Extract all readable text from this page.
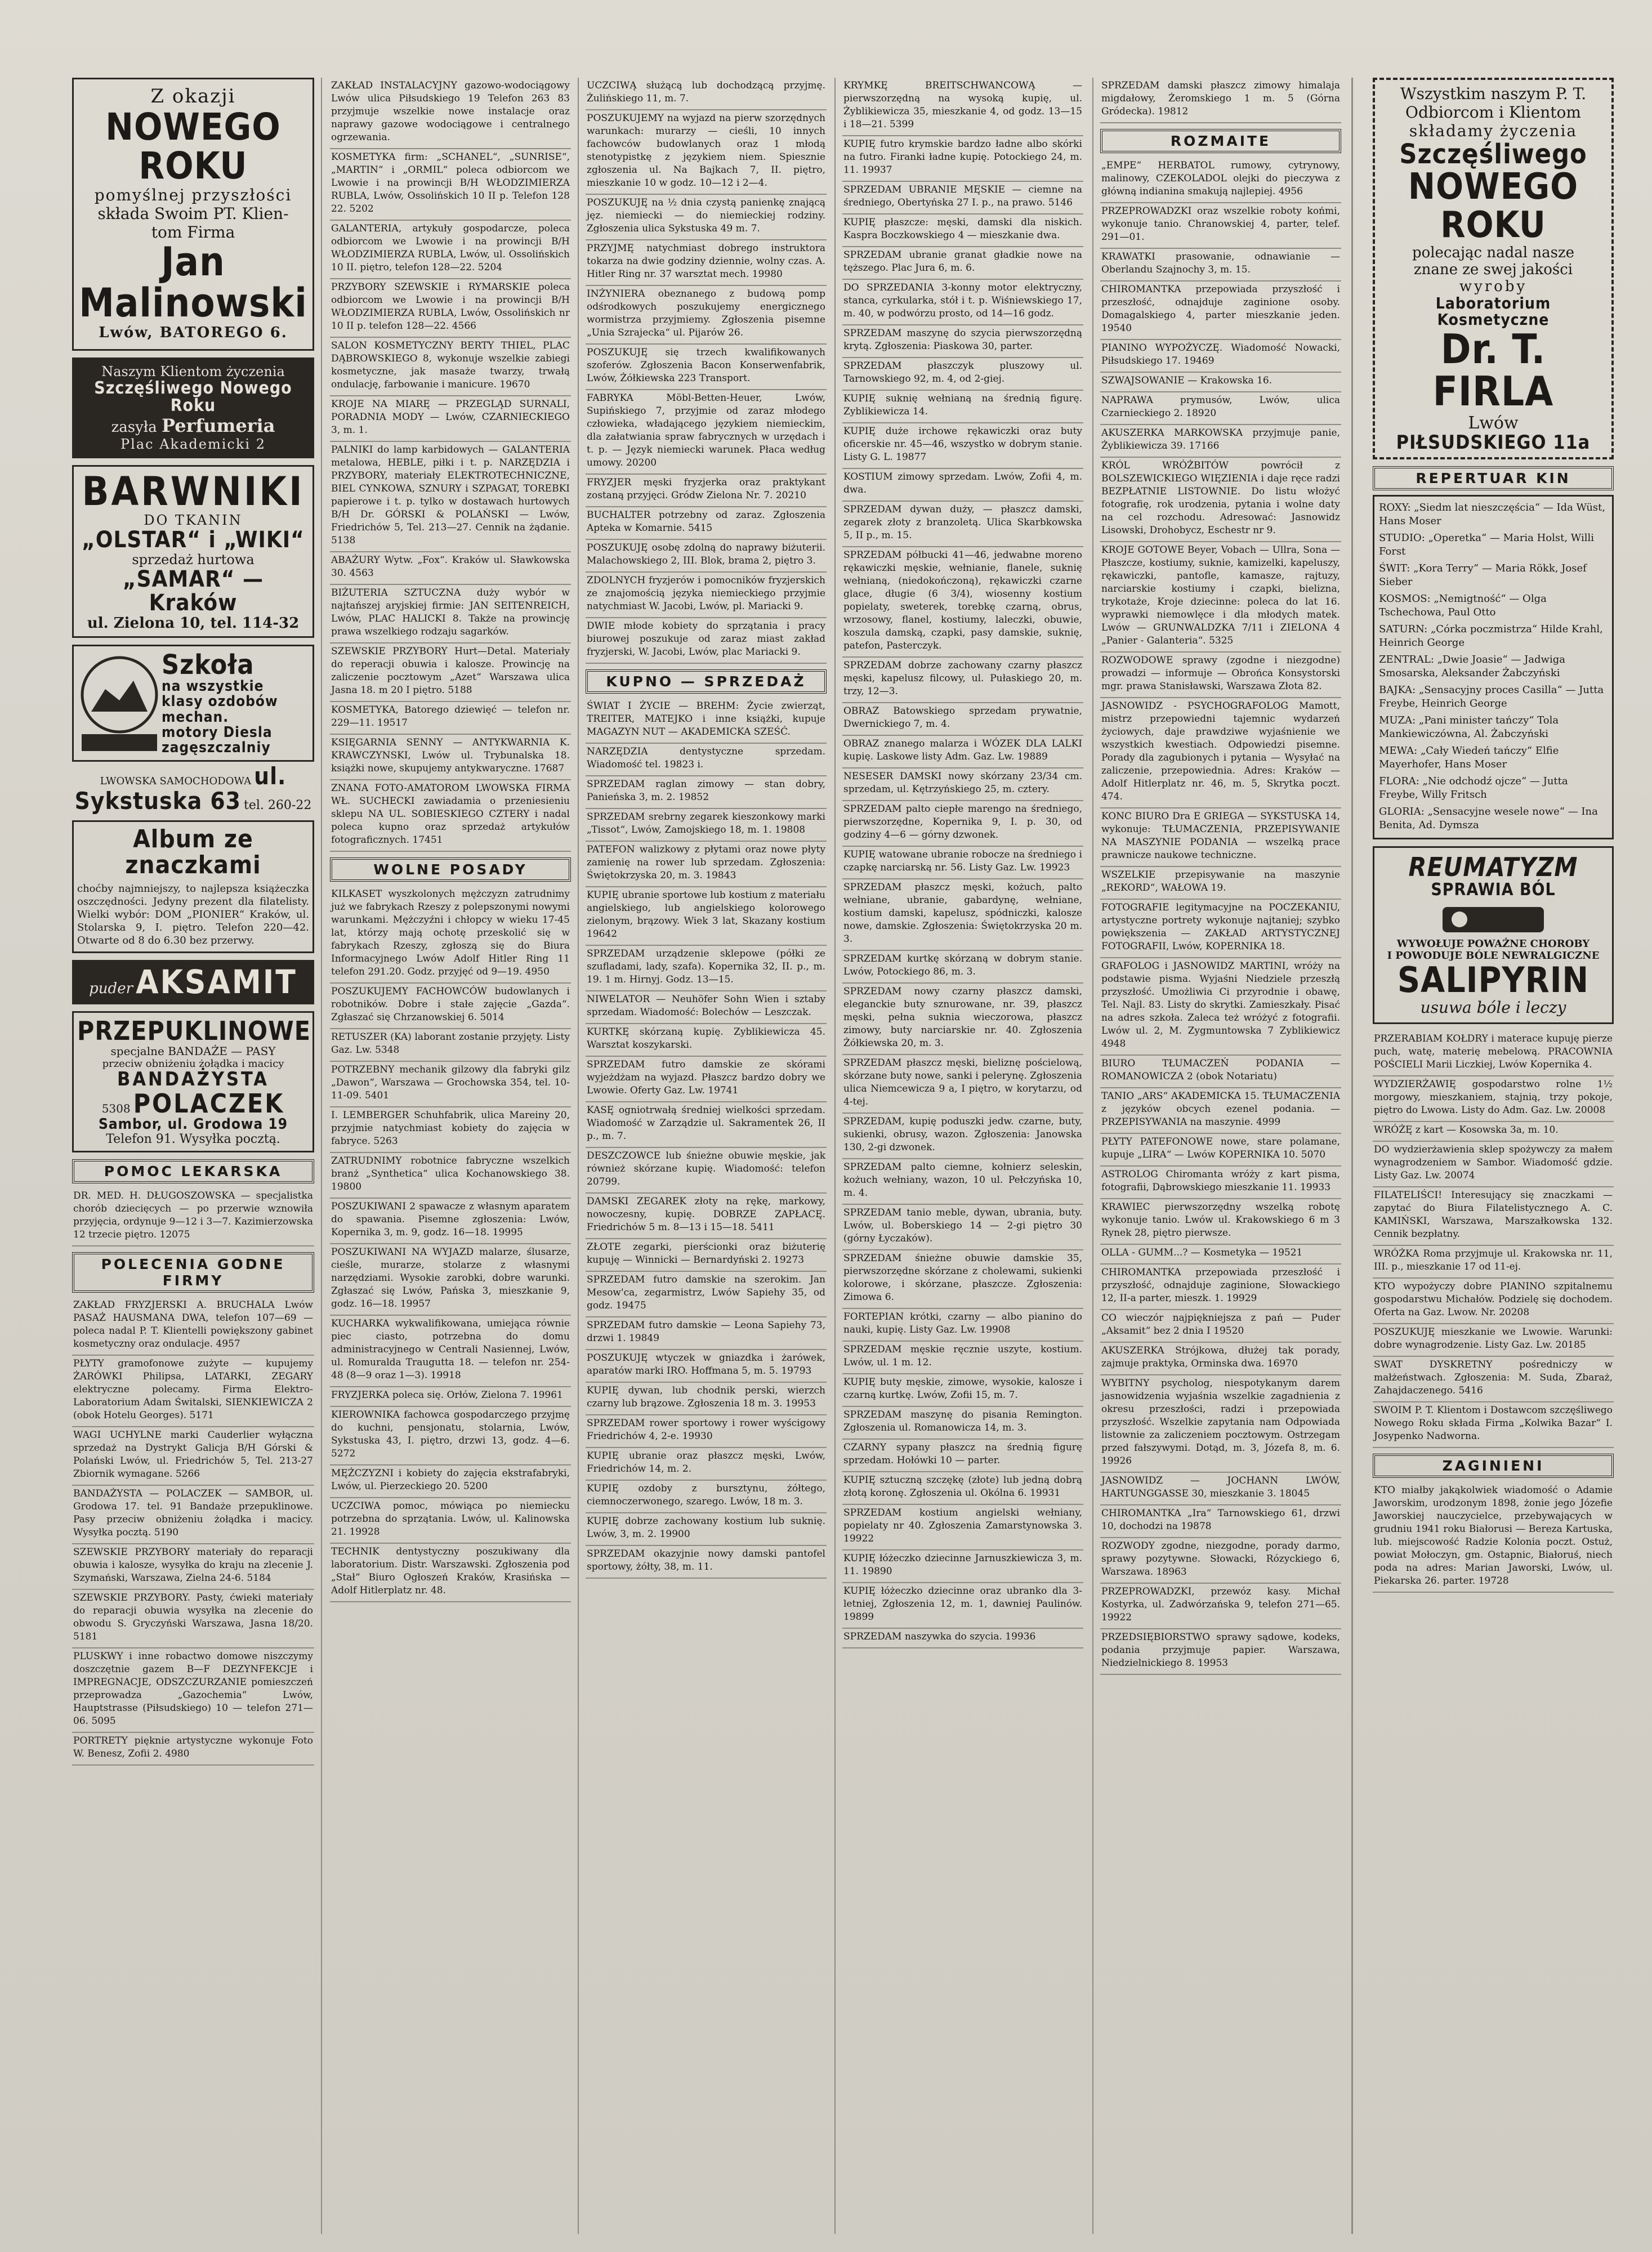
Z okazji
NOWEGO ROKU
pomyślnej przyszłości
składa Swoim PT. Klien-
tom Firma
Jan Malinowski
Lwów, BATOREGO 6.
Naszym Klientom życzenia
Szczęśliwego Nowego Roku
zasyła Perfumeria
Plac Akademicki 2
BARWNIKI
DO TKANIN
„OLSTAR“ i „WIKI“
sprzedaż hurtowa
„SAMAR“ — Kraków
ul. Zielona 10, tel. 114-32
Szkoła
na wszystkie
klasy ozdobów
mechan.
motory Diesla
zagęszczalniy
LWOWSKA SAMOCHODOWA ul. Sykstuska 63 tel. 260-22
Album ze znaczkami

choćby najmniejszy, to najlepsza książeczka oszczędności. Jedyny prezent dla filatelisty. Wielki wybór: DOM „PIONIER“ Kraków, ul. Stolarska 9, I. piętro. Telefon 220—42. Otwarte od 8 do 6.30 bez przerwy.

puder AKSAMIT
PRZEPUKLINOWE
specjalne BANDAŻE — PASY
przeciw obniżeniu żołądka i macicy
BANDAŻYSTA
5308 POLACZEK
Sambor, ul. Grodowa 19
Telefon 91. Wysyłka pocztą.
POMOC LEKARSKA

DR. MED. H. DŁUGOSZOWSKA — specjalistka chorób dziecięcych — po przerwie wznowiła przyjęcia, ordynuje 9—12 i 3—7. Kazimierzowska 12 trzecie piętro. 12075

POLECENIA GODNE FIRMY

ZAKŁAD FRYZJERSKI A. BRUCHALA Lwów PASAŻ HAUSMANA DWA, telefon 107—69 — poleca nadal P. T. Klientelli powiększony gabinet kosmetyczny oraz ondulacje. 4957

PŁYTY gramofonowe zużyte — kupujemy ŻARÓWKI Philipsa, LATARKI, ZEGARY elektryczne polecamy. Firma Elektro-Laboratorium Adam Świtalski, SIENKIEWICZA 2 (obok Hotelu Georges). 5171

WAGI UCHYLNE marki Cauderlier wyłączna sprzedaż na Dystrykt Galicja B/H Górski & Polański Lwów, ul. Friedrichów 5, Tel. 213-27 Zbiornik wymagane. 5266

BANDAŻYSTA — POLACZEK — SAMBOR, ul. Grodowa 17. tel. 91 Bandaże przepuklinowe. Pasy przeciw obniżeniu żołądka i macicy. Wysyłka pocztą. 5190

SZEWSKIE PRZYBORY materiały do reparacji obuwia i kalosze, wysyłka do kraju na zlecenie J. Szymański, Warszawa, Zielna 24-6. 5184

SZEWSKIE PRZYBORY. Pasty, ćwieki materiały do reparacji obuwia wysyłka na zlecenie do obwodu S. Gryczyński Warszawa, Jasna 18/20. 5181

PLUSKWY i inne robactwo domowe niszczymy doszczętnie gazem B—F DEZYNFEKCJE i IMPREGNACJE, ODSZCZURZANIE pomieszczeń przeprowadza „Gazochemia“ Lwów, Hauptstrasse (Piłsudskiego) 10 — telefon 271—06. 5095

PORTRETY pięknie artystyczne wykonuje Foto W. Benesz, Zofii 2. 4980

ZAKŁAD INSTALACYJNY gazowo-wodociągowy Lwów ulica Piłsudskiego 19 Telefon 263 83 przyjmuje wszelkie nowe instalacje oraz naprawy gazowe wodociągowe i centralnego ogrzewania.

KOSMETYKA firm: „SCHANEL“, „SUNRISE“, „MARTIN“ i „ORMIL“ poleca odbiorcom we Lwowie i na prowincji B/H WŁODZIMIERZA RUBLA, Lwów, Ossolińskich 10 II p. Telefon 128 22. 5202

GALANTERIA, artykuły gospodarcze, poleca odbiorcom we Lwowie i na prowincji B/H WŁODZIMIERZA RUBLA, Lwów, ul. Ossolińskich 10 II. piętro, telefon 128—22. 5204

PRZYBORY SZEWSKIE i RYMARSKIE poleca odbiorcom we Lwowie i na prowincji B/H WŁODZIMIERZA RUBLA, Lwów, Ossolińskich nr 10 II p. telefon 128—22. 4566

SALON KOSMETYCZNY BERTY THIEL, PLAC DĄBROWSKIEGO 8, wykonuje wszelkie zabiegi kosmetyczne, jak masaże twarzy, trwałą ondulację, farbowanie i manicure. 19670

KROJE NA MIARĘ — PRZEGLĄD SURNALI, PORADNIA MODY — Lwów, CZARNIECKIEGO 3, m. 1.

PALNIKI do lamp karbidowych — GALANTERIA metalowa, HEBLE, piłki i t. p. NARZĘDZIA i PRZYBORY, materiały ELEKTROTECHNICZNE, BIEL CYNKOWA, SZNURY i SZPAGAT, TOREBKI papierowe i t. p. tylko w dostawach hurtowych B/H Dr. GÓRSKI & POLAŃSKI — Lwów, Friedrichów 5, Tel. 213—27. Cennik na żądanie. 5138

ABAŻURY Wytw. „Fox“. Kraków ul. Sławkowska 30. 4563

BIŻUTERIA SZTUCZNA duży wybór w najtańszej aryjskiej firmie: JAN SEITENREICH, Lwów, PLAC HALICKI 8. Także na prowincję prawa wszelkiego rodzaju sagarków.

SZEWSKIE PRZYBORY Hurt—Detal. Materiały do reperacji obuwia i kalosze. Prowincję na zaliczenie pocztowym „Azet“ Warszawa ulica Jasna 18. m 20 I piętro. 5188

KOSMETYKA, Batorego dziewięć — telefon nr. 229—11. 19517

KSIĘGARNIA SENNY — ANTYKWARNIA K. KRAWCZYNSKI, Lwów ul. Trybunalska 18. książki nowe, skupujemy antykwaryczne. 17687

ZNANA FOTO-AMATOROM LWOWSKA FIRMA WŁ. SUCHECKI zawiadamia o przeniesieniu sklepu NA UL. SOBIESKIEGO CZTERY i nadal poleca kupno oraz sprzedaż artykułów fotograficznych. 17451

WOLNE POSADY

KILKASET wyszkolonych mężczyzn zatrudnimy już we fabrykach Rzeszy z polepszonymi nowymi warunkami. Mężczyźni i chłopcy w wieku 17-45 lat, którzy mają ochotę przeskolić się w fabrykach Rzeszy, zgłoszą się do Biura Informacyjnego Lwów Adolf Hitler Ring 11 telefon 291.20. Godz. przyjęć od 9—19. 4950

POSZUKUJEMY FACHOWCÓW budowlanych i robotników. Dobre i stałe zajęcie „Gazda“. Zgłaszać się Chrzanowskiej 6. 5014

RETUSZER (KA) laborant zostanie przyjęty. Listy Gaz. Lw. 5348

POTRZEBNY mechanik gilzowy dla fabryki gilz „Dawon“, Warszawa — Grochowska 354, tel. 10-11-09. 5401

I. LEMBERGER Schuhfabrik, ulica Mareiny 20, przyjmie natychmiast kobiety do zajęcia w fabryce. 5263

ZATRUDNIMY robotnice fabryczne wszelkich branż „Synthetica“ ulica Kochanowskiego 38. 19800

POSZUKIWANI 2 spawacze z własnym aparatem do spawania. Pisemne zgłoszenia: Lwów, Kopernika 3, m. 9, godz. 16—18. 19995

POSZUKIWANI NA WYJAZD malarze, ślusarze, cieśle, murarze, stolarze z własnymi narzędziami. Wysokie zarobki, dobre warunki. Zgłaszać się Lwów, Pańska 3, mieszkanie 9, godz. 16—18. 19957

KUCHARKA wykwalifikowana, umiejąca równie piec ciasto, potrzebna do domu administracyjnego w Centrali Nasiennej, Lwów, ul. Romuralda Traugutta 18. — telefon nr. 254-48 (8—9 oraz 1—3). 19918

FRYZJERKA poleca się. Orłów, Zielona 7. 19961

KIEROWNIKA fachowca gospodarczego przyjmę do kuchni, pensjonatu, stolarnia, Lwów, Sykstuska 43, I. piętro, drzwi 13, godz. 4—6. 5272

MĘŻCZYZNI i kobiety do zajęcia ekstrafabryki, Lwów, ul. Pierzeckiego 20. 5200

UCZCIWA pomoc, mówiąca po niemiecku potrzebna do sprzątania. Lwów, ul. Kalinowska 21. 19928

TECHNIK dentystyczny poszukiwany dla laboratorium. Distr. Warszawski. Zgłoszenia pod „Stał“ Biuro Ogłoszeń Kraków, Krasińska — Adolf Hitlerplatz nr. 48.

UCZCIWĄ służącą lub dochodzącą przyjmę. Żulińskiego 11, m. 7.

POSZUKUJEMY na wyjazd na pierw szorzędnych warunkach: murarzy — cieśli, 10 innych fachowców budowlanych oraz 1 młodą stenotypistkę z językiem niem. Spiesznie zgłoszenia ul. Na Bajkach 7, II. piętro, mieszkanie 10 w godz. 10—12 i 2—4.

POSZUKUJĘ na ½ dnia czystą panienkę znającą jęz. niemiecki — do niemieckiej rodziny. Zgłoszenia ulica Sykstuska 49 m. 7.

PRZYJMĘ natychmiast dobrego instruktora tokarza na dwie godziny dziennie, wolny czas. A. Hitler Ring nr. 37 warsztat mech. 19980

INŻYNIERA obeznanego z budową pomp odśrodkowych poszukujemy energicznego wormistrza przyjmiemy. Zgłoszenia pisemne „Unia Szrajecka“ ul. Pijarów 26.

POSZUKUJĘ się trzech kwalifikowanych szoferów. Zgłoszenia Bacon Konserwenfabrik, Lwów, Żółkiewska 223 Transport.

FABRYKA Möbl-Betten-Heuer, Lwów, Supińskiego 7, przyjmie od zaraz młodego człowieka, władającego językiem niemieckim, dla załatwiania spraw fabrycznych w urzędach i t. p. — Język niemiecki warunek. Płaca według umowy. 20200

FRYZJER męski fryzjerka oraz praktykant zostaną przyjęci. Gródw Zielona Nr. 7. 20210

BUCHALTER potrzebny od zaraz. Zgłoszenia Apteka w Komarnie. 5415

POSZUKUJĘ osobę zdolną do naprawy biżuterii. Malachowskiego 2, III. Blok, brama 2, piętro 3.

ZDOLNYCH fryzjerów i pomocników fryzjerskich ze znajomością języka niemieckiego przyjmie natychmiast W. Jacobi, Lwów, pl. Mariacki 9.

DWIE młode kobiety do sprzątania i pracy biurowej poszukuje od zaraz miast zakład fryzjerski, W. Jacobi, Lwów, plac Mariacki 9.

KUPNO — SPRZEDAŻ

ŚWIAT I ŻYCIE — BREHM: Życie zwierząt, TREITER, MATEJKO i inne książki, kupuje MAGAZYN NUT — AKADEMICKA SZEŚĆ.

NARZĘDZIA dentystyczne sprzedam. Wiadomość tel. 19823 i.

SPRZEDAM raglan zimowy — stan dobry, Panieńska 3, m. 2. 19852

SPRZEDAM srebrny zegarek kieszonkowy marki „Tissot“, Lwów, Zamojskiego 18, m. 1. 19808

PATEFON walizkowy z płytami oraz nowe płyty zamienię na rower lub sprzedam. Zgłoszenia: Świętokrzyska 20, m. 3. 19843

KUPIĘ ubranie sportowe lub kostium z materiału angielskiego, lub angielskiego kolorowego zielonym, brązowy. Wiek 3 lat, Skazany kostium 19642

SPRZEDAM urządzenie sklepowe (półki ze szufladami, lady, szafa). Kopernika 32, II. p., m. 19. 1 m. Hirnyj. Godz. 13—15.

NIWELATOR — Neuhöfer Sohn Wien i sztaby sprzedam. Wiadomość: Bolechów — Leszczak.

KURTKĘ skórzaną kupię. Zyblikiewicza 45. Warsztat koszykarski.

SPRZEDAM futro damskie ze skórami wyjeżdżam na wyjazd. Płaszcz bardzo dobry we Lwowie. Oferty Gaz. Lw. 19741

KASĘ ogniotrwałą średniej wielkości sprzedam. Wiadomość w Zarządzie ul. Sakramentek 26, II p., m. 7.

DESZCZOWCE lub śnieżne obuwie męskie, jak również skórzane kupię. Wiadomość: telefon 20799.

DAMSKI ZEGAREK złoty na rękę, markowy, nowoczesny, kupię. DOBRZE ZAPŁACĘ. Friedrichów 5 m. 8—13 i 15—18. 5411

ZŁOTE zegarki, pierścionki oraz biżuterię kupuję — Winnicki — Bernardyński 2. 19273

SPRZEDAM futro damskie na szerokim. Jan Mesow'ca, zegarmistrz, Lwów Sapiehy 35, od godz. 19475

SPRZEDAM futro damskie — Leona Sapiehy 73, drzwi 1. 19849

POSZUKUJĘ wtyczek w gniazdka i żarówek, aparatów marki IRO. Hoffmana 5, m. 5. 19793

KUPIĘ dywan, lub chodnik perski, wierzch czarny lub brązowe. Zgłoszenia 18 m. 3. 19953

SPRZEDAM rower sportowy i rower wyścigowy Friedrichów 4, 2-e. 19930

KUPIĘ ubranie oraz płaszcz męski, Lwów, Friedrichów 14, m. 2.

KUPIĘ ozdoby z bursztynu, żółtego, ciemnoczerwonego, szarego. Lwów, 18 m. 3.

KUPIĘ dobrze zachowany kostium lub suknię. Lwów, 3, m. 2. 19900

SPRZEDAM okazyjnie nowy damski pantofel sportowy, żółty, 38, m. 11.

KRYMKĘ BREITSCHWANCOWĄ — pierwszorzędną na wysoką kupię, ul. Żyblikiewicza 35, mieszkanie 4, od godz. 13—15 i 18—21. 5399

KUPIĘ futro krymskie bardzo ładne albo skórki na futro. Firanki ładne kupię. Potockiego 24, m. 11. 19937

SPRZEDAM UBRANIE MĘSKIE — ciemne na średniego, Obertyńska 27 I. p., na prawo. 5146

KUPIĘ płaszcze: męski, damski dla niskich. Kaspra Boczkowskiego 4 — mieszkanie dwa.

SPRZEDAM ubranie granat gładkie nowe na tęższego. Plac Jura 6, m. 6.

DO SPRZEDANIA 3-konny motor elektryczny, stanca, cyrkularka, stół i t. p. Wiśniewskiego 17, m. 40, w podwórzu prosto, od 14—16 godz.

SPRZEDAM maszynę do szycia pierwszorzędną krytą. Zgłoszenia: Piaskowa 30, parter.

SPRZEDAM płaszczyk pluszowy ul. Tarnowskiego 92, m. 4, od 2-giej.

KUPIĘ suknię wełnianą na średnią figurę. Zyblikiewicza 14.

KUPIĘ duże irchowe rękawiczki oraz buty oficerskie nr. 45—46, wszystko w dobrym stanie. Listy G. L. 19877

KOSTIUM zimowy sprzedam. Lwów, Zofii 4, m. dwa.

SPRZEDAM dywan duży, — płaszcz damski, zegarek złoty z branzoletą. Ulica Skarbkowska 5, II p., m. 15.

SPRZEDAM półbucki 41—46, jedwabne moreno rękawiczki męskie, wełnianie, flanele, suknię wełnianą, (niedokończoną), rękawiczki czarne glace, długie (6 3/4), wiosenny kostium popielaty, sweterek, torebkę czarną, obrus, wrzosowy, flanel, kostiumy, laleczki, obuwie, koszula damską, czapki, pasy damskie, suknię, patefon, Pasterczyk.

SPRZEDAM dobrze zachowany czarny płaszcz męski, kapelusz filcowy, ul. Pułaskiego 20, m. trzy, 12—3.

OBRAZ Batowskiego sprzedam prywatnie, Dwernickiego 7, m. 4.

OBRAZ znanego malarza i WÓZEK DLA LALKI kupię. Laskowe listy Adm. Gaz. Lw. 19889

NESESER DAMSKI nowy skórzany 23/34 cm. sprzedam, ul. Kętrzyńskiego 25, m. cztery.

SPRZEDAM palto ciepłe marengo na średniego, pierwszorzędne, Kopernika 9, I. p. 30, od godziny 4—6 — górny dzwonek.

KUPIĘ watowane ubranie robocze na średniego i czapkę narciarską nr. 56. Listy Gaz. Lw. 19923

SPRZEDAM płaszcz męski, kożuch, palto wełniane, ubranie, gabardynę, wełniane, kostium damski, kapelusz, spódniczki, kalosze nowe, damskie. Zgłoszenia: Świętokrzyska 20 m. 3.

SPRZEDAM kurtkę skórzaną w dobrym stanie. Lwów, Potockiego 86, m. 3.

SPRZEDAM nowy czarny płaszcz damski, eleganckie buty sznurowane, nr. 39, płaszcz męski, pełna suknia wieczorowa, płaszcz zimowy, buty narciarskie nr. 40. Zgłoszenia Żółkiewska 20, m. 3.

SPRZEDAM płaszcz męski, bieliznę pościelową, skórzane buty nowe, sanki i pelerynę. Zgłoszenia ulica Niemcewicza 9 a, I piętro, w korytarzu, od 4-tej.

SPRZEDAM, kupię poduszki jedw. czarne, buty, sukienki, obrusy, wazon. Zgłoszenia: Janowska 130, 2-gi dzwonek.

SPRZEDAM palto ciemne, kołnierz seleskin, kożuch wełniany, wazon, 10 ul. Pełczyńska 10, m. 4.

SPRZEDAM tanio meble, dywan, ubrania, buty. Lwów, ul. Boberskiego 14 — 2-gi piętro 30 (górny Łyczaków).

SPRZEDAM śnieżne obuwie damskie 35, pierwszorzędne skórzane z cholewami, sukienki kolorowe, i skórzane, płaszcze. Zgłoszenia: Zimowa 6.

FORTEPIAN krótki, czarny — albo pianino do nauki, kupię. Listy Gaz. Lw. 19908

SPRZEDAM męskie ręcznie uszyte, kostium. Lwów, ul. 1 m. 12.

KUPIĘ buty męskie, zimowe, wysokie, kalosze i czarną kurtkę. Lwów, Zofii 15, m. 7.

SPRZEDAM maszynę do pisania Remington. Zgłoszenia ul. Romanowicza 14, m. 3.

CZARNY sypany płaszcz na średnią figurę sprzedam. Hołówki 10 — parter.

KUPIĘ sztuczną szczękę (złote) lub jedną dobrą złotą koronę. Zgłoszenia ul. Okólna 6. 19931

SPRZEDAM kostium angielski wełniany, popielaty nr 40. Zgłoszenia Zamarstynowska 3. 19922

KUPIĘ łóżeczko dziecinne Jarnuszkiewicza 3, m. 11. 19890

KUPIĘ łóżeczko dziecinne oraz ubranko dla 3-letniej, Zgłoszenia 12, m. 1, dawniej Paulinów. 19899

SPRZEDAM naszywka do szycia. 19936

SPRZEDAM damski płaszcz zimowy himalaja migdałowy, Żeromskiego 1 m. 5 (Górna Gródecka). 19812

ROZMAITE

„EMPE“ HERBATOL rumowy, cytrynowy, malinowy, CZEKOLADOL olejki do pieczywa z główną indianina smakują najlepiej. 4956

PRZEPROWADZKI oraz wszelkie roboty końmi, wykonuje tanio. Chranowskiej 4, parter, telef. 291—01.

KRAWATKI prasowanie, odnawianie — Oberlandu Szajnochy 3, m. 15.

CHIROMANTKA przepowiada przyszłość i przeszłość, odnajduje zaginione osoby. Domagalskiego 4, parter mieszkanie jeden. 19540

PIANINO WYPOŻYCZĘ. Wiadomość Nowacki, Piłsudskiego 17. 19469

SZWAJSOWANIE — Krakowska 16.

NAPRAWA prymusów, Lwów, ulica Czarnieckiego 2. 18920

AKUSZERKA MARKOWSKA przyjmuje panie, Żyblikiewicza 39. 17166

KRÓL WRÓŻBITÓW powrócił z BOLSZEWICKIEGO WIĘZIENIA i daje ręce radzi BEZPŁATNIE LISTOWNIE. Do listu włożyć fotografię, rok urodzenia, pytania i wolne daty na cel rozchodu. Adresować: Jasnowidz Lisowski, Drohobycz, Eschestr nr 9.

KROJE GOTOWE Beyer, Vobach — Ullra, Sona — Płaszcze, kostiumy, suknie, kamizelki, kapeluszy, rękawiczki, pantofle, kamasze, rajtuzy, narciarskie kostiumy i czapki, bielizna, trykotaże, Kroje dziecinne: poleca do lat 16. wyprawki niemowlęce i dla młodych matek. Lwów — GRUNWALDZKA 7/11 i ZIELONA 4 „Panier - Galanteria“. 5325

ROZWODOWE sprawy (zgodne i niezgodne) prowadzi — informuje — Obrońca Konsystorski mgr. prawa Stanisławski, Warszawa Złota 82.

JASNOWIDZ - PSYCHOGRAFOLOG Mamott, mistrz przepowiedni tajemnic wydarzeń życiowych, daje prawdziwe wyjaśnienie we wszystkich kwestiach. Odpowiedzi pisemne. Porady dla zagubionych i pytania — Wysyłać na zaliczenie, przepowiednia. Adres: Kraków — Adolf Hitlerplatz nr. 46, m. 5, Skrytka poczt. 474.

KONC BIURO Dra E GRIEGA — SYKSTUSKA 14, wykonuje: TŁUMACZENIA, PRZEPISYWANIE NA MASZYNIE PODANIA — wszelką prace prawnicze naukowe techniczne.

WSZELKIE przepisywanie na maszynie „REKORD“, WAŁOWA 19.

FOTOGRAFIE legitymacyjne na POCZEKANIU, artystyczne portrety wykonuje najtaniej; szybko powiększenia — ZAKŁAD ARTYSTYCZNEJ FOTOGRAFII, Lwów, KOPERNIKA 18.

GRAFOLOG i JASNOWIDZ MARTINI, wróży na podstawie pisma. Wyjaśni Niedziele przeszłą przyszłość. Umożliwia Ci przyrodnie i obawę, Tel. Najl. 83. Listy do skrytki. Zamieszkały. Pisać na adres szkoła. Zaleca też wróżyć z fotografii. Lwów ul. 2, M. Zygmuntowska 7 Zyblikiewicz 4948

BIURO TŁUMACZEŃ PODANIA — ROMANOWICZA 2 (obok Notariatu)

TANIO „ARS“ AKADEMICKA 15. TŁUMACZENIA z języków obcych ezenel podania. — PRZEPISYWANIA na maszynie. 4999

PŁYTY PATEFONOWE nowe, stare polamane, kupuje „LIRA“ — Lwów KOPERNIKA 10. 5070

ASTROLOG Chiromanta wróży z kart pisma, fotografii, Dąbrowskiego mieszkanie 11. 19933

KRAWIEC pierwszorzędny wszelką robotę wykonuje tanio. Lwów ul. Krakowskiego 6 m 3 Rynek 28, piętro pierwsze.

OLLA - GUMM...? — Kosmetyka — 19521

CHIROMANTKA przepowiada przeszłość i przyszłość, odnajduje zaginione, Słowackiego 12, II-a parter, mieszk. 1. 19929

CO wieczór najpiękniejsza z pań — Puder „Aksamit“ bez 2 dnia I 19520

AKUSZERKA Strójkowa, dłużej tak porady, zajmuje praktyka, Orminska dwa. 16970

WYBITNY psycholog, niespotykanym darem jasnowidzenia wyjaśnia wszelkie zagadnienia z okresu przeszłości, radzi i przepowiada przyszłość. Wszelkie zapytania nam Odpowiada listownie za zaliczeniem pocztowym. Ostrzegam przed fałszywymi. Dotąd, m. 3, Józefa 8, m. 6. 19926

JASNOWIDZ — JOCHANN LWÓW, HARTUNGGASSE 30, mieszkanie 3. 18045

CHIROMANTKA „Ira“ Tarnowskiego 61, drzwi 10, dochodzi na 19878

ROZWODY zgodne, niezgodne, porady darmo, sprawy pozytywne. Słowacki, Rózyckiego 6, Warszawa. 18963

PRZEPROWADZKI, przewóz kasy. Michał Kostyrka, ul. Zadwórzańska 9, telefon 271—65. 19922

PRZEDSIĘBIORSTWO sprawy sądowe, kodeks, podania przyjmuje papier. Warszawa, Niedzielnickiego 8. 19953

Wszystkim naszym P. T.
Odbiorcom i Klientom
składamy życzenia
Szczęśliwego
NOWEGO ROKU
polecając nadal nasze
znane ze swej jakości
wyroby
Laboratorium Kosmetyczne
Dr. T. FIRLA
Lwów
PIŁSUDSKIEGO 11a
REPERTUAR KIN

ROXY: „Siedm lat nieszczęścia“ — Ida Wüst, Hans Moser

STUDIO: „Operetka“ — Maria Holst, Willi Forst

ŚWIT: „Kora Terry“ — Maria Rökk, Josef Sieber

KOSMOS: „Nemigtność“ — Olga Tschechowa, Paul Otto

SATURN: „Córka poczmistrza“ Hilde Krahl, Heinrich George

ZENTRAL: „Dwie Joasie“ — Jadwiga Smosarska, Aleksander Żabczyński

BAJKA: „Sensacyjny proces Casilla“ — Jutta Freybe, Heinrich George

MUZA: „Pani minister tańczy“ Tola Mankiewiczówna, Al. Żabczyński

MEWA: „Cały Wiedeń tańczy“ Elfie Mayerhofer, Hans Moser

FLORA: „Nie odchodź ojcze“ — Jutta Freybe, Willy Fritsch

GLORIA: „Sensacyjne wesele nowe“ — Ina Benita, Ad. Dymsza

REUMATYZM
SPRAWIA BÓL
WYWOŁUJE POWAŻNE CHOROBY
I POWODUJE BÓLE NEWRALGICZNE
SALIPYRIN
usuwa bóle i leczy

PRZERABIAM KOŁDRY i materace kupuję pierze puch, watę, materię mebelową. PRACOWNIA POŚCIELI Marii Liczkiej, Lwów Kopernika 4.

WYDZIERŻAWIĘ gospodarstwo rolne 1½ morgowy, mieszkaniem, stajnią, trzy pokoje, piętro do Lwowa. Listy do Adm. Gaz. Lw. 20008

WRÓŻĘ z kart — Kosowska 3a, m. 10.

DO wydzierżawienia sklep spożywczy za małem wynagrodzeniem w Sambor. Wiadomość gdzie. Listy Gaz. Lw. 20074

FILATELIŚCI! Interesujący się znaczkami — zapytać do Biura Filatelistycznego A. C. KAMIŃSKI, Warszawa, Marszałkowska 132. Cennik bezpłatny.

WRÓŻKA Roma przyjmuje ul. Krakowska nr. 11, III. p., mieszkanie 17 od 11-ej.

KTO wypożyczy dobre PIANINO szpitalnemu gospodarstwu Michałów. Podzielę się dochodem. Oferta na Gaz. Lwow. Nr. 20208

POSZUKUJĘ mieszkanie we Lwowie. Warunki: dobre wynagrodzenie. Listy Gaz. Lw. 20185

SWAT DYSKRETNY pośredniczy w małżeństwach. Zgłoszenia: M. Suda, Zbaraż, Zahajdaczenego. 5416

SWOIM P. T. Klientom i Dostawcom szczęśliwego Nowego Roku składa Firma „Kolwika Bazar“ I. Josypenko Nadworna.

ZAGINIENI

KTO miałby jakąkolwiek wiadomość o Adamie Jaworskim, urodzonym 1898, żonie jego Józefie Jaworskiej nauczycielce, przebywających w grudniu 1941 roku Białorusi — Bereza Kartuska, lub. miejscowość Radzie Kolonia poczt. Ostuż, powiat Mołoczyn, gm. Ostapnic, Białoruś, niech poda na adres: Marian Jaworski, Lwów, ul. Piekarska 26. parter. 19728
